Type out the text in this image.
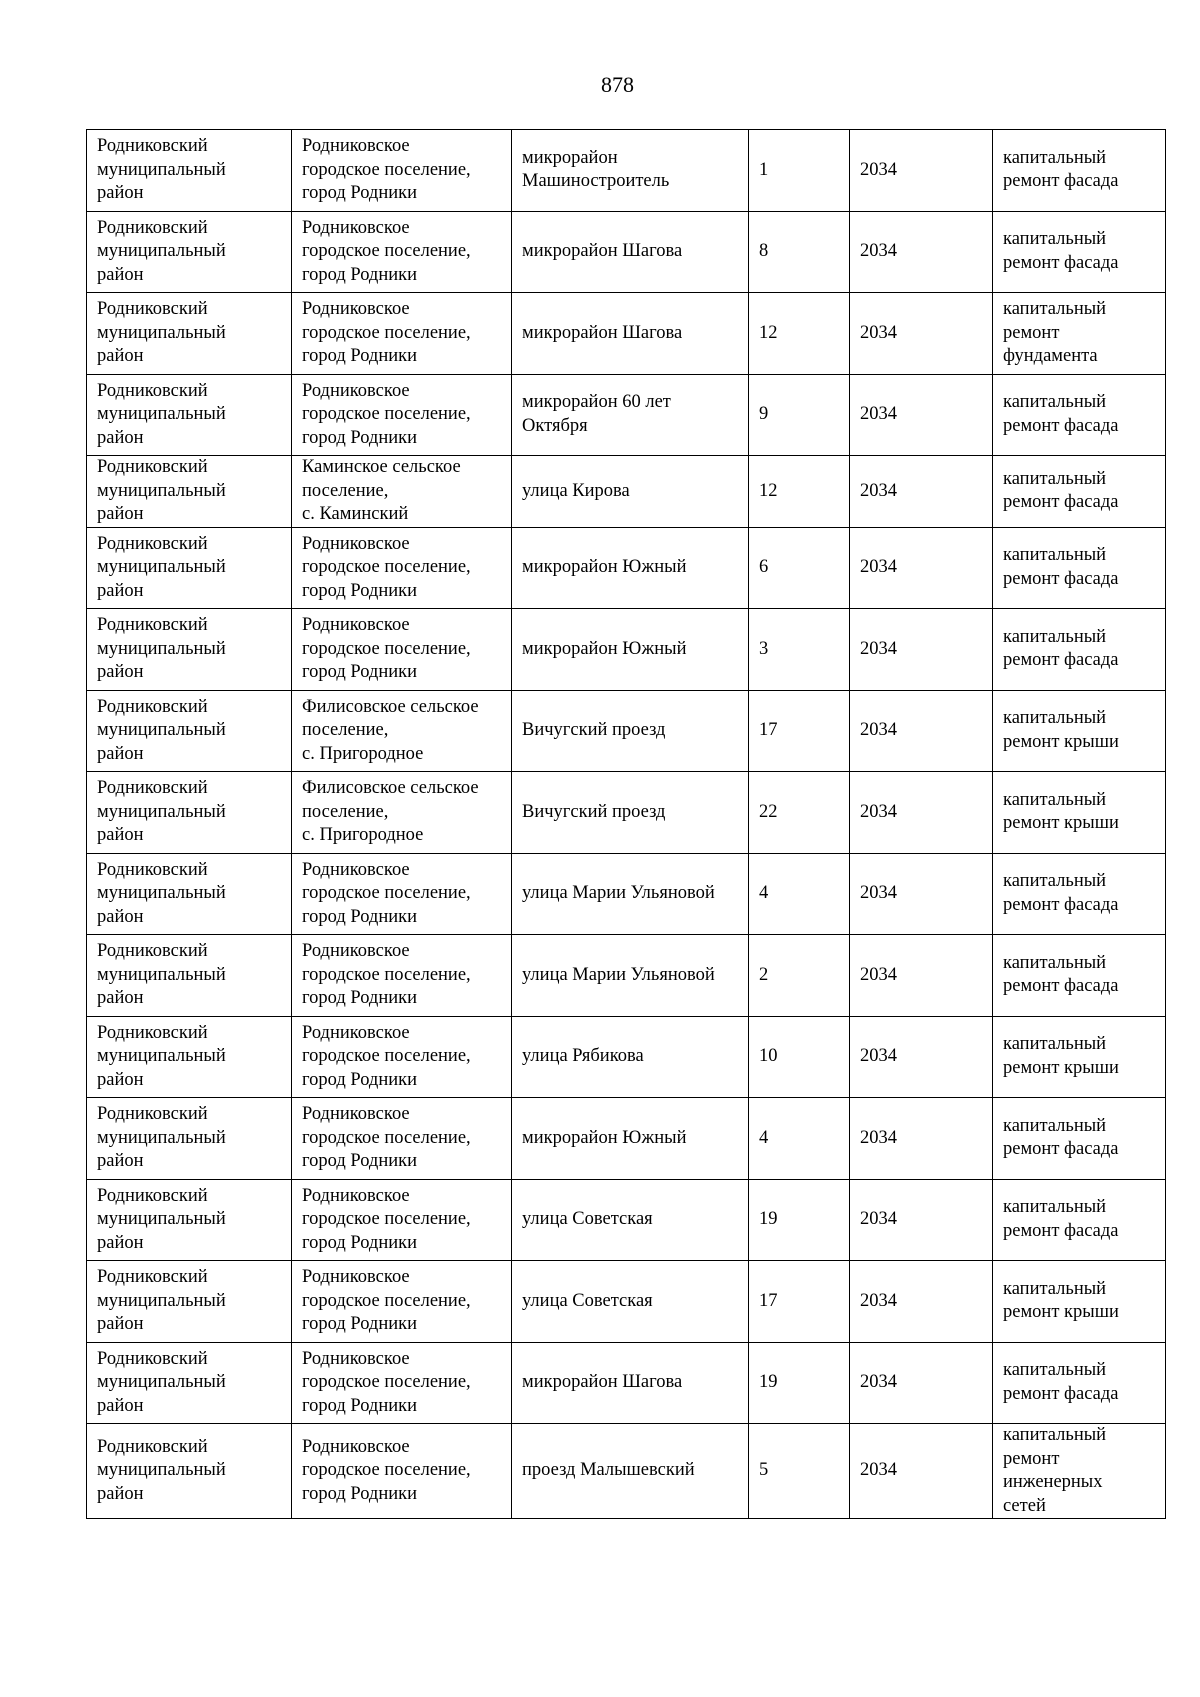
878
Родниковский
муниципальный
район	Родниковское
городское поселение,
город Родники	микрорайон
Машиностроитель	1	2034	капитальный
ремонт фасада
Родниковский
муниципальный
район	Родниковское
городское поселение,
город Родники	микрорайон Шагова	8	2034	капитальный
ремонт фасада
Родниковский
муниципальный
район	Родниковское
городское поселение,
город Родники	микрорайон Шагова	12	2034	капитальный
ремонт
фундамента
Родниковский
муниципальный
район	Родниковское
городское поселение,
город Родники	микрорайон 60 лет
Октября	9	2034	капитальный
ремонт фасада
Родниковский
муниципальный
район	Каминское сельское
поселение,
с. Каминский	улица Кирова	12	2034	капитальный
ремонт фасада
Родниковский
муниципальный
район	Родниковское
городское поселение,
город Родники	микрорайон Южный	6	2034	капитальный
ремонт фасада
Родниковский
муниципальный
район	Родниковское
городское поселение,
город Родники	микрорайон Южный	3	2034	капитальный
ремонт фасада
Родниковский
муниципальный
район	Филисовское сельское
поселение,
с. Пригородное	Вичугский проезд	17	2034	капитальный
ремонт крыши
Родниковский
муниципальный
район	Филисовское сельское
поселение,
с. Пригородное	Вичугский проезд	22	2034	капитальный
ремонт крыши
Родниковский
муниципальный
район	Родниковское
городское поселение,
город Родники	улица Марии Ульяновой	4	2034	капитальный
ремонт фасада
Родниковский
муниципальный
район	Родниковское
городское поселение,
город Родники	улица Марии Ульяновой	2	2034	капитальный
ремонт фасада
Родниковский
муниципальный
район	Родниковское
городское поселение,
город Родники	улица Рябикова	10	2034	капитальный
ремонт крыши
Родниковский
муниципальный
район	Родниковское
городское поселение,
город Родники	микрорайон Южный	4	2034	капитальный
ремонт фасада
Родниковский
муниципальный
район	Родниковское
городское поселение,
город Родники	улица Советская	19	2034	капитальный
ремонт фасада
Родниковский
муниципальный
район	Родниковское
городское поселение,
город Родники	улица Советская	17	2034	капитальный
ремонт крыши
Родниковский
муниципальный
район	Родниковское
городское поселение,
город Родники	микрорайон Шагова	19	2034	капитальный
ремонт фасада
Родниковский
муниципальный
район	Родниковское
городское поселение,
город Родники	проезд Малышевский	5	2034	капитальный
ремонт
инженерных
сетей
